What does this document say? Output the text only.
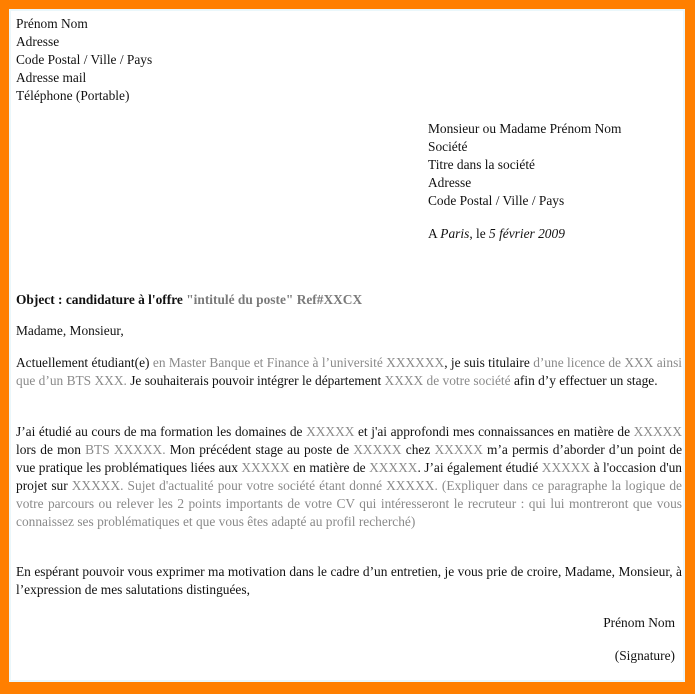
Prénom Nom
Adresse
Code Postal / Ville / Pays
Adresse mail
Téléphone (Portable)
Monsieur ou Madame Prénom Nom
Société
Titre dans la société
Adresse
Code Postal / Ville / Pays
A Paris, le 5 février 2009
Object : candidature à l'offre "intitulé du poste" Ref#XXCX
Madame, Monsieur,
Actuellement étudiant(e) en Master Banque et Finance à l’université XXXXXX, je suis titulaire d’une licence de XXX ainsi que d’un BTS XXX. Je souhaiterais pouvoir intégrer le département XXXX de votre société afin d’y effectuer un stage.
J’ai étudié au cours de ma formation les domaines de XXXXX et j'ai approfondi mes connaissances en matière de XXXXX lors de mon BTS XXXXX. Mon précédent stage au poste de XXXXX chez XXXXX m’a permis d’aborder d’un point de vue pratique les problématiques liées aux XXXXX en matière de XXXXX. J’ai également étudié XXXXX à l'occasion d'un projet sur XXXXX. Sujet d'actualité pour votre société étant donné XXXXX. (Expliquer dans ce paragraphe la logique de votre parcours ou relever les 2 points importants de votre CV qui intéresseront le recruteur : qui lui montreront que vous connaissez ses problématiques et que vous êtes adapté au profil recherché)
En espérant pouvoir vous exprimer ma motivation dans le cadre d’un entretien, je vous prie de croire, Madame, Monsieur, à l’expression de mes salutations distinguées,
Prénom Nom
(Signature)
